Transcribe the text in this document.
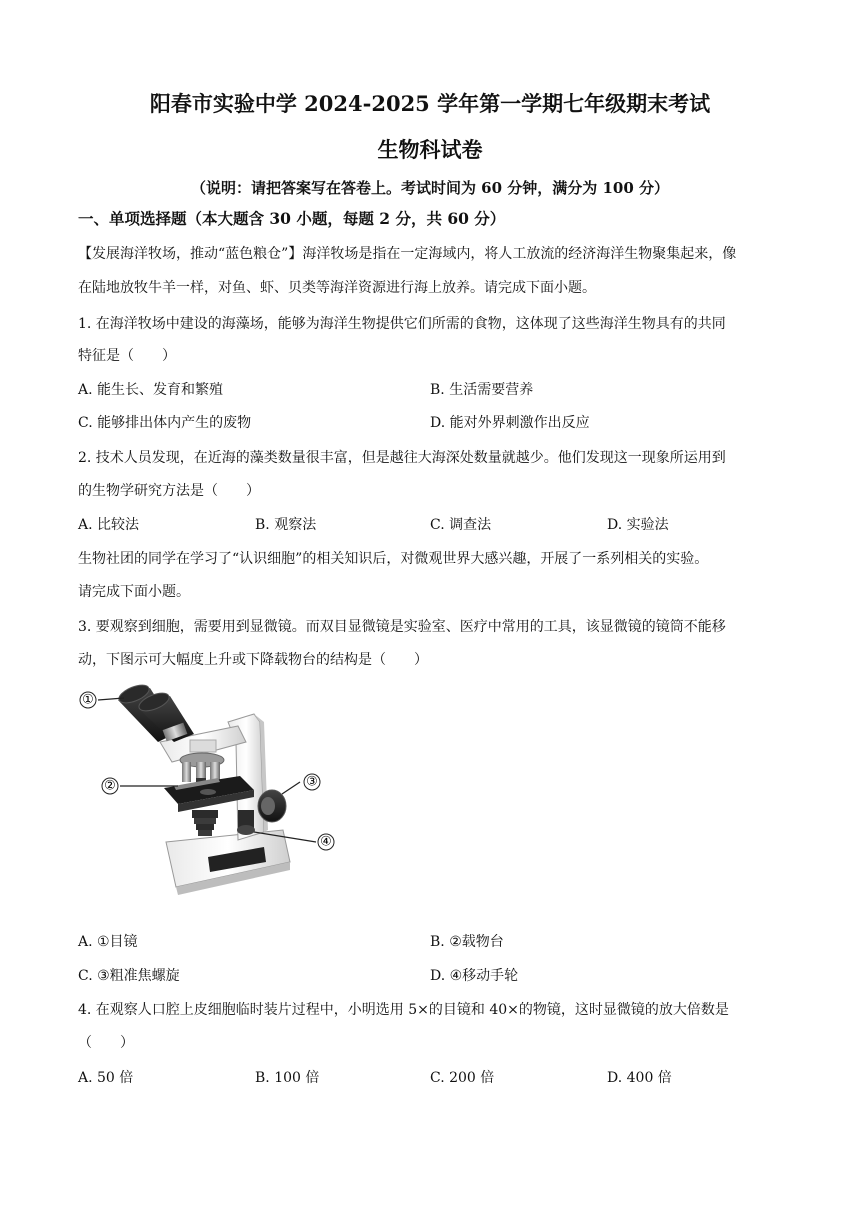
阳春市实验中学 2024-2025 学年第一学期七年级期末考试
生物科试卷
（说明：请把答案写在答卷上。考试时间为 60 分钟，满分为 100 分）
一、单项选择题（本大题含 30 小题，每题 2 分，共 60 分）
【发展海洋牧场，推动“蓝色粮仓”】海洋牧场是指在一定海域内，将人工放流的经济海洋生物聚集起来，像
在陆地放牧牛羊一样，对鱼、虾、贝类等海洋资源进行海上放养。请完成下面小题。
1. 在海洋牧场中建设的海藻场，能够为海洋生物提供它们所需的食物，这体现了这些海洋生物具有的共同
特征是（　　）
A. 能生长、发育和繁殖	B. 生活需要营养
C. 能够排出体内产生的废物	D. 能对外界刺激作出反应
2. 技术人员发现，在近海的藻类数量很丰富，但是越往大海深处数量就越少。他们发现这一现象所运用到
的生物学研究方法是（　　）
A. 比较法	B. 观察法	C. 调查法	D. 实验法
生物社团的同学在学习了“认识细胞”的相关知识后，对微观世界大感兴趣，开展了一系列相关的实验。
请完成下面小题。
3. 要观察到细胞，需要用到显微镜。而双目显微镜是实验室、医疗中常用的工具，该显微镜的镜筒不能移
动，下图示可大幅度上升或下降载物台的结构是（　　）
①
②	③
④
A. ①目镜	B. ②载物台
C. ③粗准焦螺旋	D. ④移动手轮
4. 在观察人口腔上皮细胞临时装片过程中，小明选用 5×的目镜和 40×的物镜，这时显微镜的放大倍数是
（　　）
A. 50 倍	B. 100 倍	C. 200 倍	D. 400 倍
